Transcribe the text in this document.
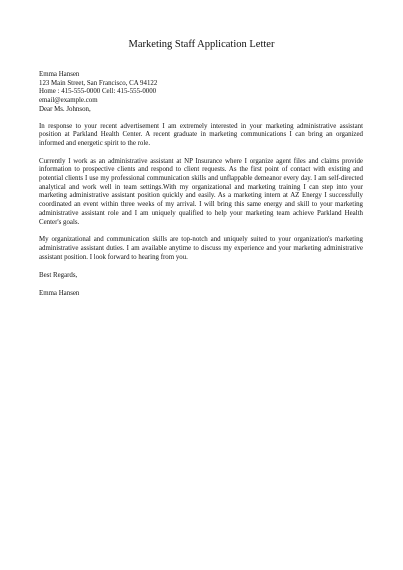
Marketing Staff Application Letter
Emma Hansen
123 Main Street, San Francisco, CA 94122
Home : 415-555-0000 Cell: 415-555-0000
email@example.com
Dear Ms. Johnson,

In response to your recent advertisement I am extremely interested in your marketing administrative assistant position at Parkland Health Center. A recent graduate in marketing communications I can bring an organized informed and energetic spirit to the role.

Currently I work as an administrative assistant at NP Insurance where I organize agent files and claims provide information to prospective clients and respond to client requests. As the first point of contact with existing and potential clients I use my professional communication skills and unflappable demeanor every day. I am self-directed analytical and work well in team settings.With my organizational and marketing training I can step into your marketing administrative assistant position quickly and easily. As a marketing intern at AZ Energy I successfully coordinated an event within three weeks of my arrival. I will bring this same energy and skill to your marketing administrative assistant role and I am uniquely qualified to help your marketing team achieve Parkland Health Center's goals.

My organizational and communication skills are top-notch and uniquely suited to your organization's marketing administrative assistant duties. I am available anytime to discuss my experience and your marketing administrative assistant position. I look forward to hearing from you.

Best Regards,
Emma Hansen
